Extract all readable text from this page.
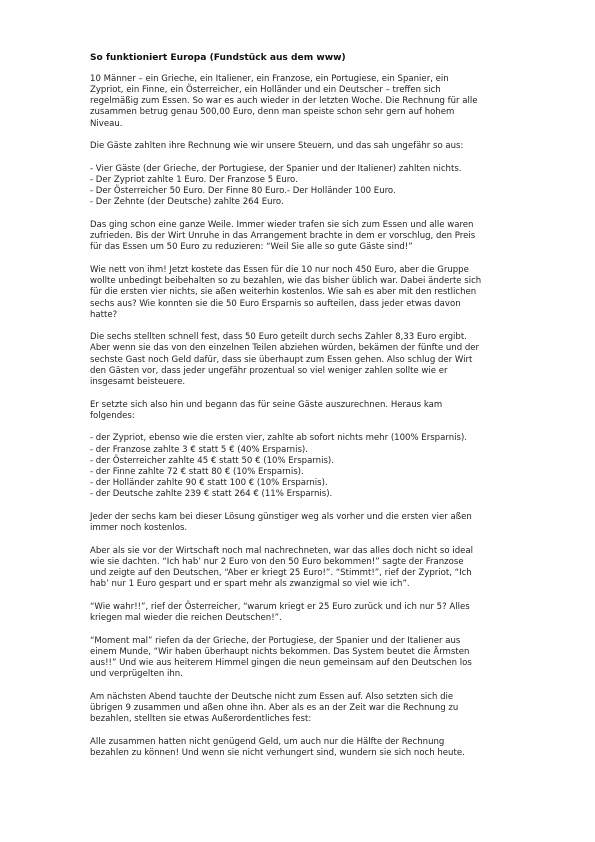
So funktioniert Europa (Fundstück aus dem www)
10 Männer – ein Grieche, ein Italiener, ein Franzose, ein Portugiese, ein Spanier, ein
Zypriot, ein Finne, ein Österreicher, ein Holländer und ein Deutscher – treffen sich
regelmäßig zum Essen. So war es auch wieder in der letzten Woche. Die Rechnung für alle
zusammen betrug genau 500,00 Euro, denn man speiste schon sehr gern auf hohem
Niveau.
Die Gäste zahlten ihre Rechnung wie wir unsere Steuern, und das sah ungefähr so aus:
- Vier Gäste (der Grieche, der Portugiese, der Spanier und der Italiener) zahlten nichts.
- Der Zypriot zahlte 1 Euro. Der Franzose 5 Euro.
- Der Österreicher 50 Euro. Der Finne 80 Euro.- Der Holländer 100 Euro.
- Der Zehnte (der Deutsche) zahlte 264 Euro.
Das ging schon eine ganze Weile. Immer wieder trafen sie sich zum Essen und alle waren
zufrieden. Bis der Wirt Unruhe in das Arrangement brachte in dem er vorschlug, den Preis
für das Essen um 50 Euro zu reduzieren: “Weil Sie alle so gute Gäste sind!”
Wie nett von ihm! Jetzt kostete das Essen für die 10 nur noch 450 Euro, aber die Gruppe
wollte unbedingt beibehalten so zu bezahlen, wie das bisher üblich war. Dabei änderte sich
für die ersten vier nichts, sie aßen weiterhin kostenlos. Wie sah es aber mit den restlichen
sechs aus? Wie konnten sie die 50 Euro Ersparnis so aufteilen, dass jeder etwas davon
hatte?
Die sechs stellten schnell fest, dass 50 Euro geteilt durch sechs Zahler 8,33 Euro ergibt.
Aber wenn sie das von den einzelnen Teilen abziehen würden, bekämen der fünfte und der
sechste Gast noch Geld dafür, dass sie überhaupt zum Essen gehen. Also schlug der Wirt
den Gästen vor, dass jeder ungefähr prozentual so viel weniger zahlen sollte wie er
insgesamt beisteuere.
Er setzte sich also hin und begann das für seine Gäste auszurechnen. Heraus kam
folgendes:
- der Zypriot, ebenso wie die ersten vier, zahlte ab sofort nichts mehr (100% Ersparnis).
- der Franzose zahlte 3 € statt 5 € (40% Ersparnis).
- der Österreicher zahlte 45 € statt 50 € (10% Ersparnis).
- der Finne zahlte 72 € statt 80 € (10% Ersparnis).
- der Holländer zahlte 90 € statt 100 € (10% Ersparnis).
- der Deutsche zahlte 239 € statt 264 € (11% Ersparnis).
Jeder der sechs kam bei dieser Lösung günstiger weg als vorher und die ersten vier aßen
immer noch kostenlos.
Aber als sie vor der Wirtschaft noch mal nachrechneten, war das alles doch nicht so ideal
wie sie dachten. “Ich hab’ nur 2 Euro von den 50 Euro bekommen!” sagte der Franzose
und zeigte auf den Deutschen, “Aber er kriegt 25 Euro!”. “Stimmt!”, rief der Zypriot, “Ich
hab’ nur 1 Euro gespart und er spart mehr als zwanzigmal so viel wie ich”.
“Wie wahr!!”, rief der Österreicher, “warum kriegt er 25 Euro zurück und ich nur 5? Alles
kriegen mal wieder die reichen Deutschen!”.
“Moment mal” riefen da der Grieche, der Portugiese, der Spanier und der Italiener aus
einem Munde, “Wir haben überhaupt nichts bekommen. Das System beutet die Ärmsten
aus!!” Und wie aus heiterem Himmel gingen die neun gemeinsam auf den Deutschen los
und verprügelten ihn.
Am nächsten Abend tauchte der Deutsche nicht zum Essen auf. Also setzten sich die
übrigen 9 zusammen und aßen ohne ihn. Aber als es an der Zeit war die Rechnung zu
bezahlen, stellten sie etwas Außerordentliches fest:
Alle zusammen hatten nicht genügend Geld, um auch nur die Hälfte der Rechnung
bezahlen zu können! Und wenn sie nicht verhungert sind, wundern sie sich noch heute.
